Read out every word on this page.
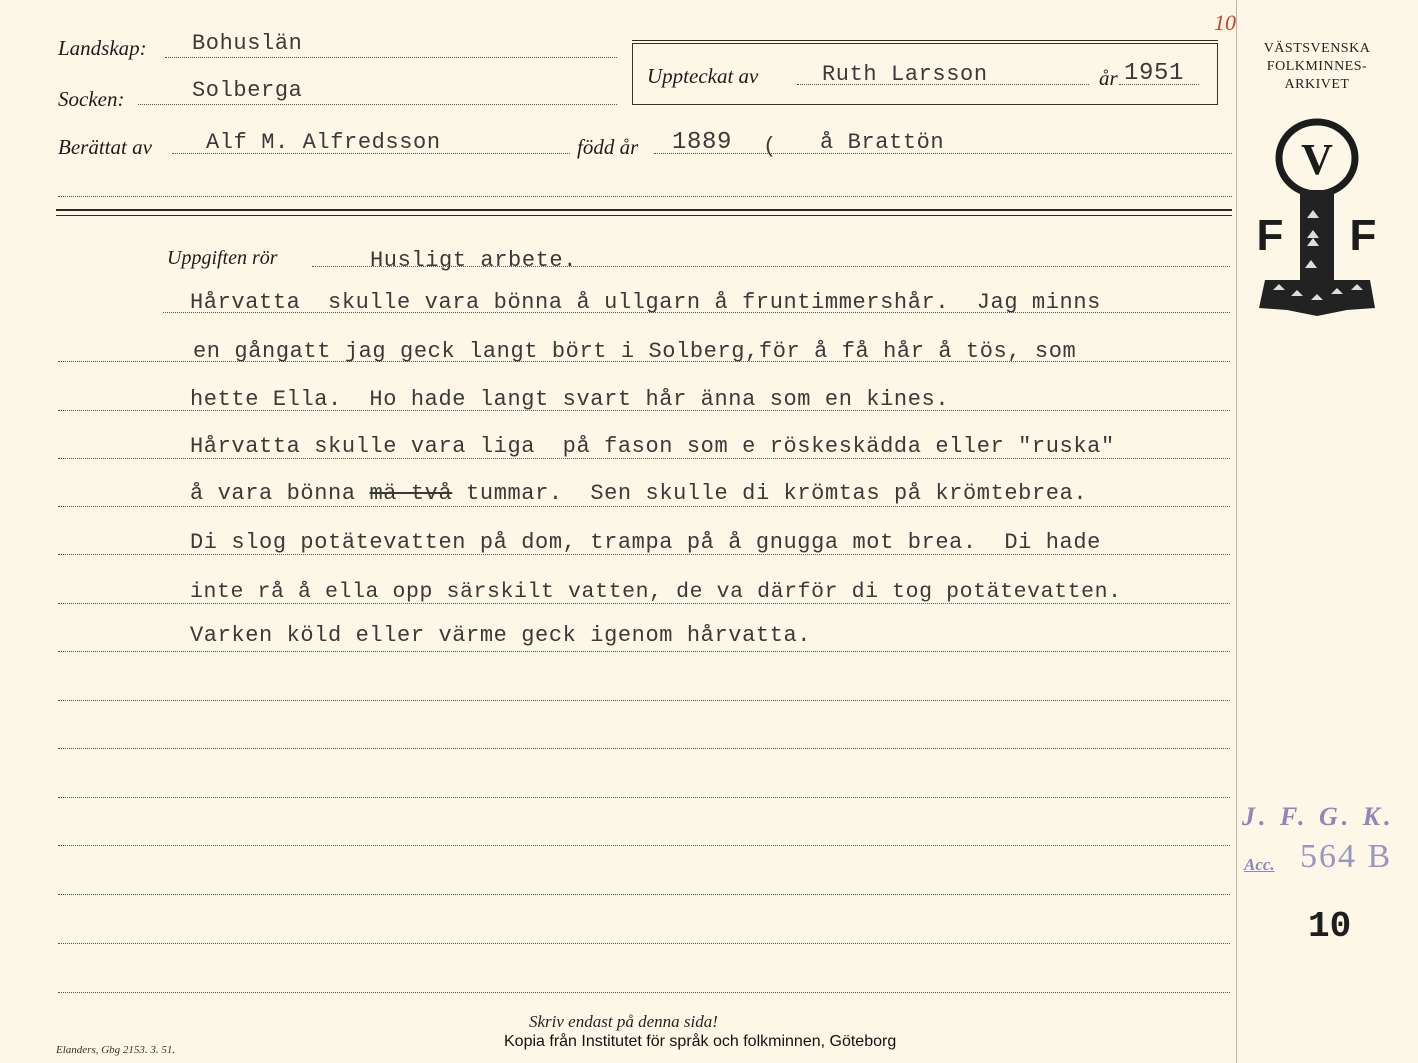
10
Landskap: Bohuslän
Socken:	Solberga
Uppteckat av	Ruth Larsson	år 1951
Berättat av Alf M. Alfredsson	född år 1889 ( å Brattön
Uppgiften rör	Husligt arbete.
Hårvatta  skulle vara bönna å ullgarn å fruntimmershår.  Jag minns
en gångatt jag geck langt bört i Solberg,för å få hår å tös, som
hette Ella.  Ho hade langt svart hår änna som en kines.
Hårvatta skulle vara liga  på fason som e röskeskädda eller "ruska"
å vara bönna mä två tummar.  Sen skulle di krömtas på krömtebrea.
Di slog potätevatten på dom, trampa på å gnugga mot brea.  Di hade
inte rå å ella opp särskilt vatten, de va därför di tog potätevatten.
Varken köld eller värme geck igenom hårvatta.
VÄSTSVENSKA
FOLKMINNES-
ARKIVET
V
F F
J. F. G. K.
Acc. 564 B
10
Skriv endast på denna sida!
Kopia från Institutet för språk och folkminnen, Göteborg
Elanders, Gbg 2153. 3. 51.
